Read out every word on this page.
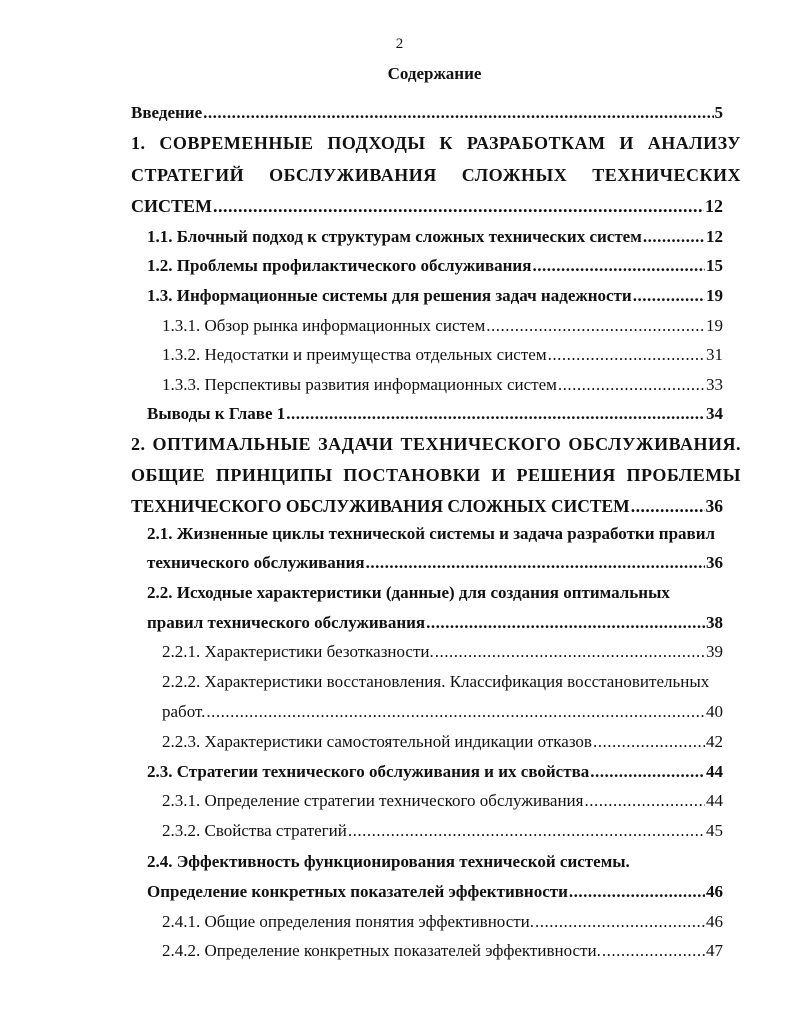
2
Содержание
Введение .....	5
1. СОВРЕМЕННЫЕ ПОДХОДЫ К РАЗРАБОТКАМ И АНАЛИЗУ
СТРАТЕГИЙ ОБСЛУЖИВАНИЯ СЛОЖНЫХ ТЕХНИЧЕСКИХ
СИСТЕМ .....	12
1.1. Блочный подход к структурам сложных технических систем .....	12
1.2. Проблемы профилактического обслуживания .....	15
1.3. Информационные системы для решения задач надежности .....	19
1.3.1. Обзор рынка информационных систем .....	19
1.3.2. Недостатки и преимущества отдельных систем .....	31
1.3.3. Перспективы развития информационных систем .....	33
Выводы к Главе 1 .....	34
2. ОПТИМАЛЬНЫЕ ЗАДАЧИ ТЕХНИЧЕСКОГО ОБСЛУЖИВАНИЯ.
ОБЩИЕ ПРИНЦИПЫ ПОСТАНОВКИ И РЕШЕНИЯ ПРОБЛЕМЫ
ТЕХНИЧЕСКОГО ОБСЛУЖИВАНИЯ СЛОЖНЫХ СИСТЕМ .....	36
2.1. Жизненные циклы технической системы и задача разработки правил
технического обслуживания .....	36
2.2. Исходные характеристики (данные) для создания оптимальных
правил технического обслуживания .....	38
2.2.1. Характеристики безотказности. .....	39
2.2.2. Характеристики восстановления. Классификация восстановительных
работ. .....	40
2.2.3. Характеристики самостоятельной индикации отказов .....	42
2.3. Стратегии технического обслуживания и их свойства .....	44
2.3.1. Определение стратегии технического обслуживания .....	44
2.3.2. Свойства стратегий .....	45
2.4. Эффективность функционирования технической системы.
Определение конкретных показателей эффективности .....	46
2.4.1. Общие определения понятия эффективности. .....	46
2.4.2. Определение конкретных показателей эффективности. .....	47
